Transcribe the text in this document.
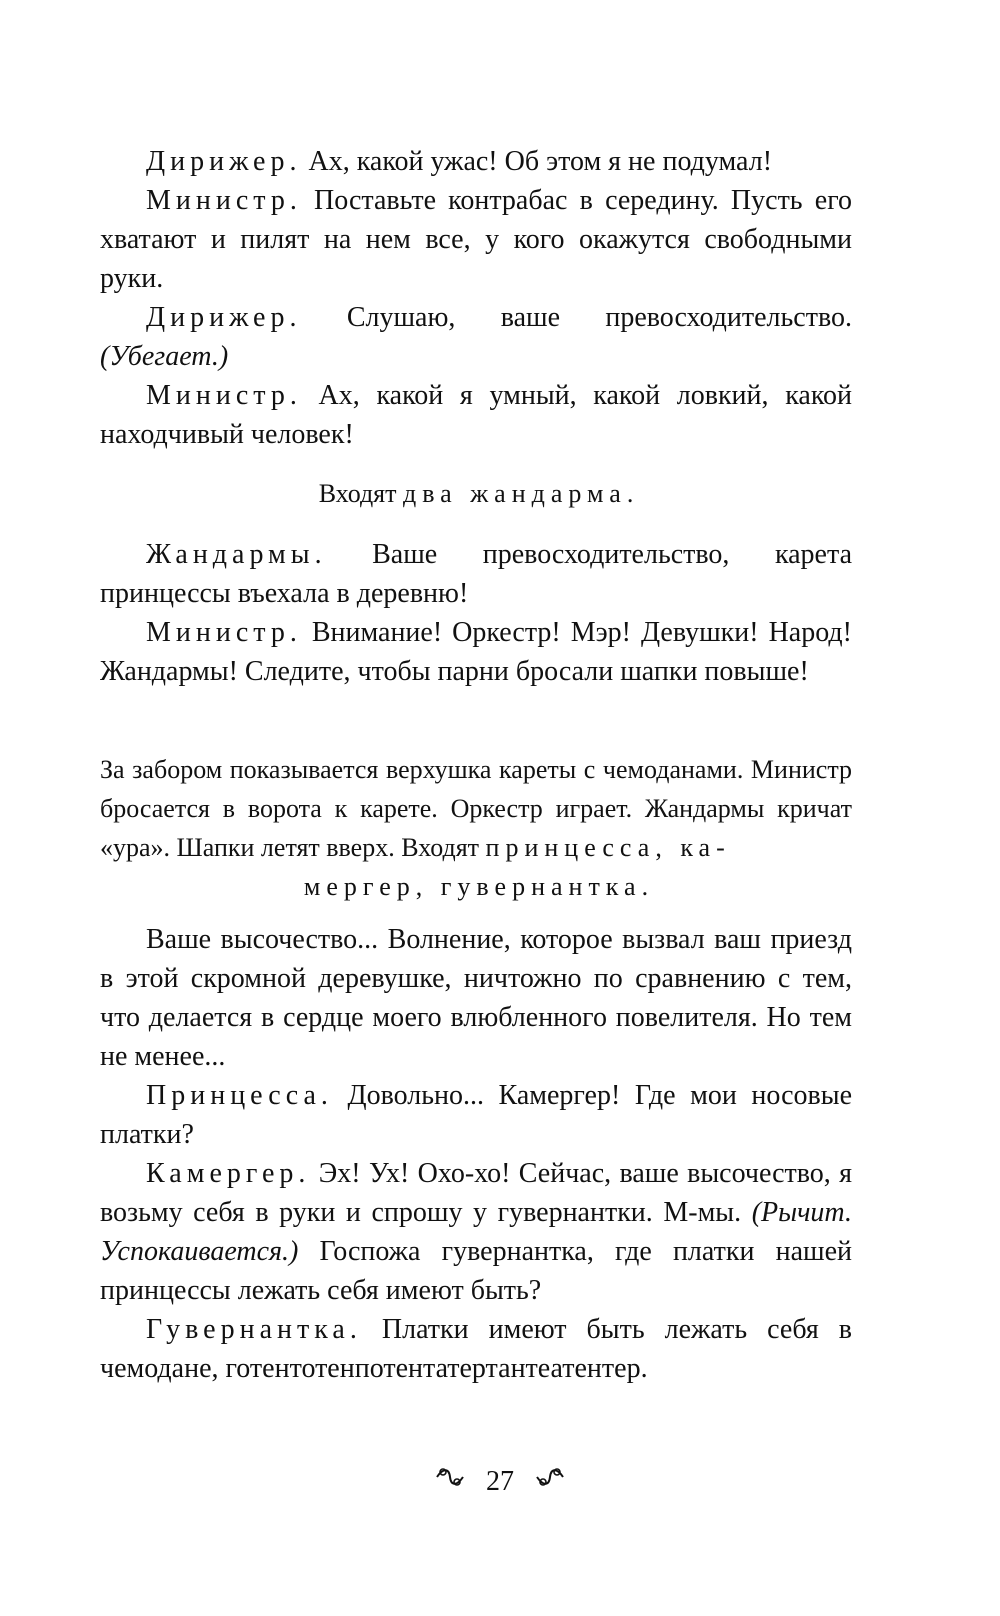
Дирижер. Ах, какой ужас! Об этом я не подумал!

Министр. Поставьте контрабас в середину. Пусть его хватают и пилят на нем все, у кого окажутся свободными руки.

Дирижер. Слушаю, ваше превосходительство. (Убегает.)

Министр. Ах, какой я умный, какой ловкий, какой находчивый человек!

Входят два жандарма.

Жандармы. Ваше превосходительство, карета принцессы въехала в деревню!

Министр. Внимание! Оркестр! Мэр! Девушки! Народ! Жандармы! Следите, чтобы парни бросали шапки повыше!

За забором показывается верхушка кареты с чемоданами. Министр бросается в ворота к карете. Оркестр играет. Жандармы кричат «ура». Шапки летят вверх. Входят принцесса, ка-
мергер, гувернантка.

Ваше высочество... Волнение, которое вызвал ваш приезд в этой скромной деревушке, ничтожно по сравнению с тем, что делается в сердце моего влюбленного повелителя. Но тем не менее...

Принцесса. Довольно... Камергер! Где мои носовые платки?

Камергер. Эх! Ух! Охо-хо! Сейчас, ваше высочество, я возьму себя в руки и спрошу у гувернантки. М-мы. (Рычит. Успокаивается.) Госпожа гувернантка, где платки нашей принцессы лежать себя имеют быть?

Гувернантка. Платки имеют быть лежать себя в чемодане, готентотенпотентатертантеатентер.

27
